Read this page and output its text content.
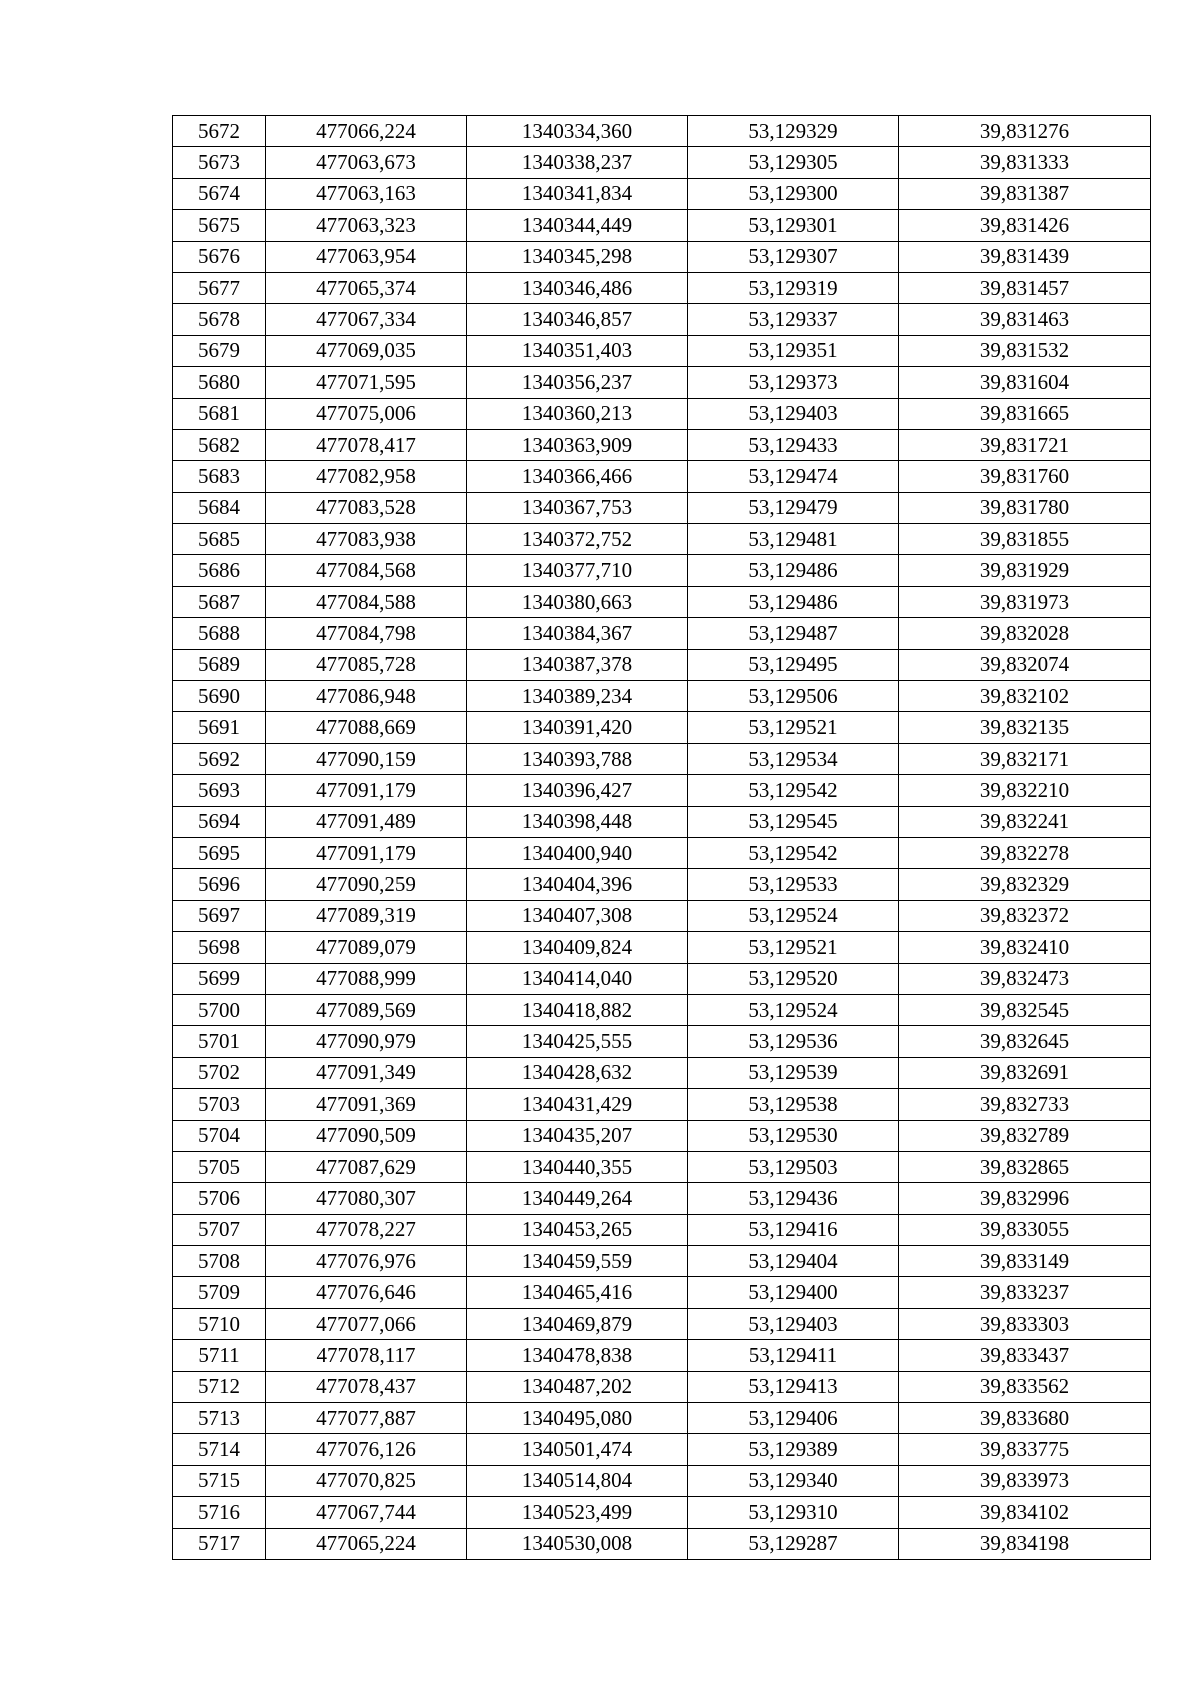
5672	477066,224	1340334,360	53,129329	39,831276
5673	477063,673	1340338,237	53,129305	39,831333
5674	477063,163	1340341,834	53,129300	39,831387
5675	477063,323	1340344,449	53,129301	39,831426
5676	477063,954	1340345,298	53,129307	39,831439
5677	477065,374	1340346,486	53,129319	39,831457
5678	477067,334	1340346,857	53,129337	39,831463
5679	477069,035	1340351,403	53,129351	39,831532
5680	477071,595	1340356,237	53,129373	39,831604
5681	477075,006	1340360,213	53,129403	39,831665
5682	477078,417	1340363,909	53,129433	39,831721
5683	477082,958	1340366,466	53,129474	39,831760
5684	477083,528	1340367,753	53,129479	39,831780
5685	477083,938	1340372,752	53,129481	39,831855
5686	477084,568	1340377,710	53,129486	39,831929
5687	477084,588	1340380,663	53,129486	39,831973
5688	477084,798	1340384,367	53,129487	39,832028
5689	477085,728	1340387,378	53,129495	39,832074
5690	477086,948	1340389,234	53,129506	39,832102
5691	477088,669	1340391,420	53,129521	39,832135
5692	477090,159	1340393,788	53,129534	39,832171
5693	477091,179	1340396,427	53,129542	39,832210
5694	477091,489	1340398,448	53,129545	39,832241
5695	477091,179	1340400,940	53,129542	39,832278
5696	477090,259	1340404,396	53,129533	39,832329
5697	477089,319	1340407,308	53,129524	39,832372
5698	477089,079	1340409,824	53,129521	39,832410
5699	477088,999	1340414,040	53,129520	39,832473
5700	477089,569	1340418,882	53,129524	39,832545
5701	477090,979	1340425,555	53,129536	39,832645
5702	477091,349	1340428,632	53,129539	39,832691
5703	477091,369	1340431,429	53,129538	39,832733
5704	477090,509	1340435,207	53,129530	39,832789
5705	477087,629	1340440,355	53,129503	39,832865
5706	477080,307	1340449,264	53,129436	39,832996
5707	477078,227	1340453,265	53,129416	39,833055
5708	477076,976	1340459,559	53,129404	39,833149
5709	477076,646	1340465,416	53,129400	39,833237
5710	477077,066	1340469,879	53,129403	39,833303
5711	477078,117	1340478,838	53,129411	39,833437
5712	477078,437	1340487,202	53,129413	39,833562
5713	477077,887	1340495,080	53,129406	39,833680
5714	477076,126	1340501,474	53,129389	39,833775
5715	477070,825	1340514,804	53,129340	39,833973
5716	477067,744	1340523,499	53,129310	39,834102
5717	477065,224	1340530,008	53,129287	39,834198
